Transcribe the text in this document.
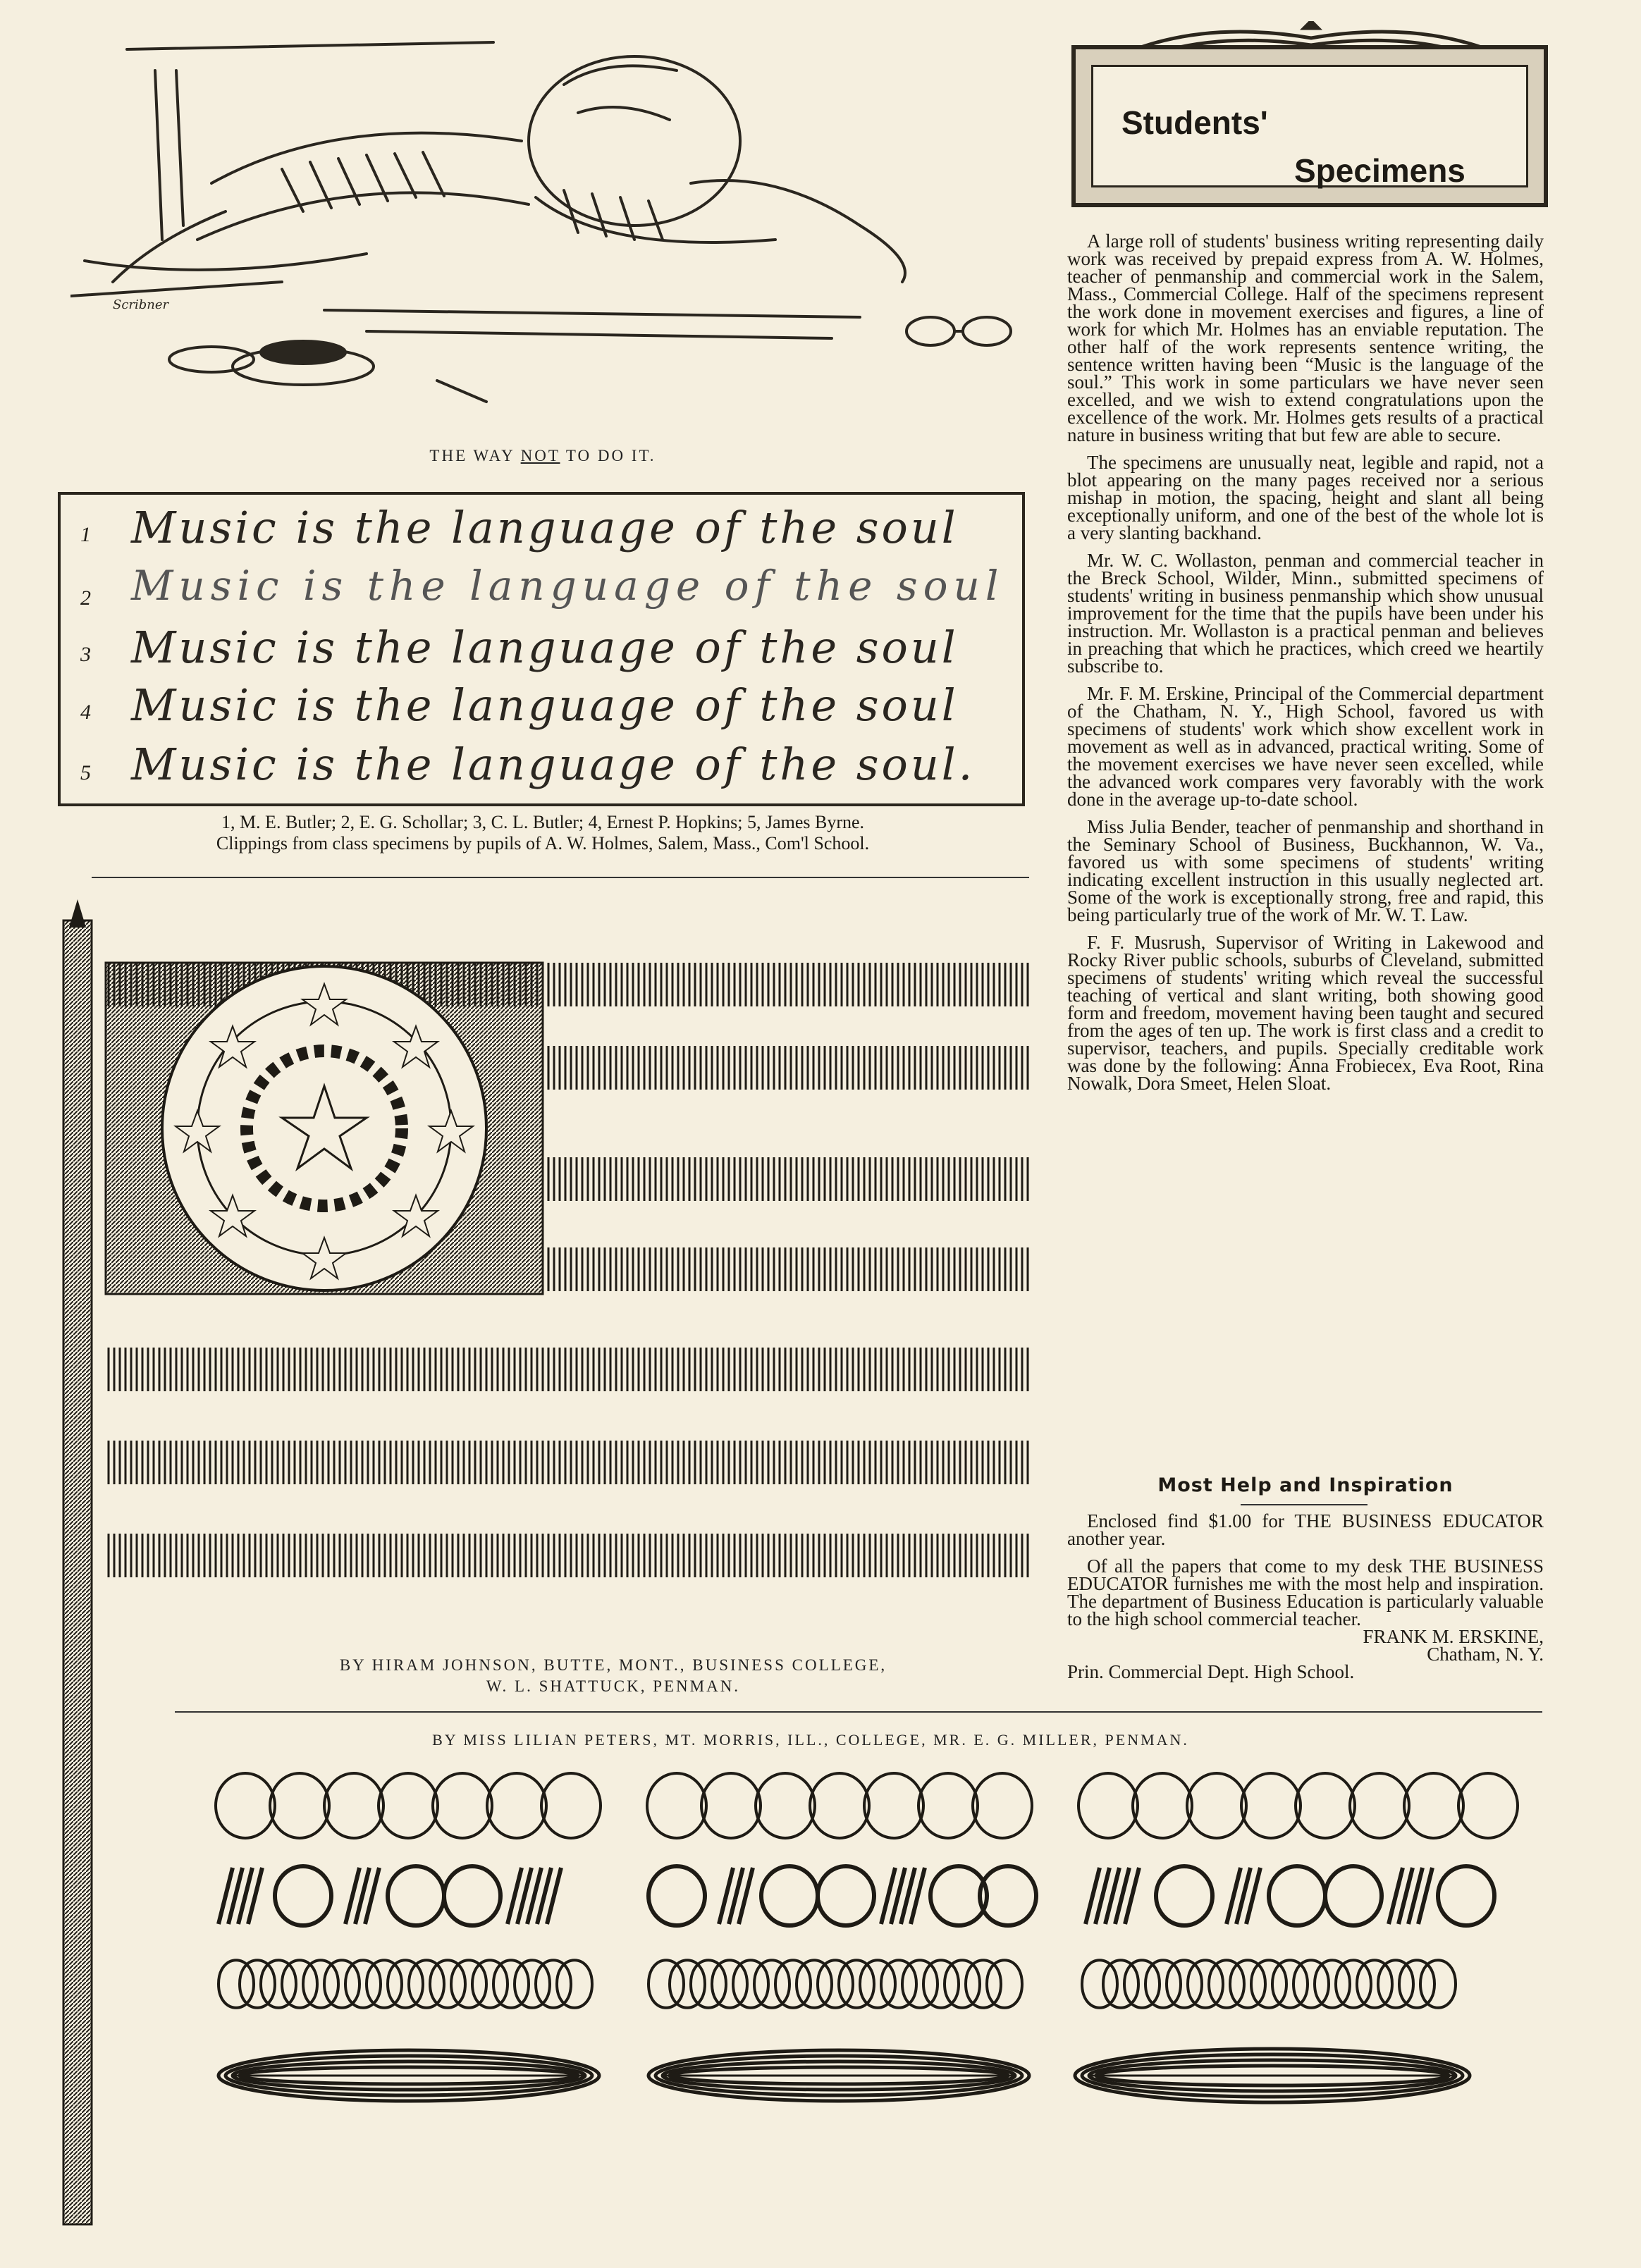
Scribner
THE WAY NOT TO DO IT.
Students'
Specimens
1 Music is the language of the soul
2 Music is the language of the soul
3 Music is the language of the soul
4 Music is the language of the soul
5 Music is the language of the soul.
1, M. E. Butler; 2, E. G. Schollar; 3, C. L. Butler; 4, Ernest P. Hopkins; 5, James Byrne.
Clippings from class specimens by pupils of A. W. Holmes, Salem, Mass., Com'l School.
BY HIRAM JOHNSON, BUTTE, MONT., BUSINESS COLLEGE,
W. L. SHATTUCK, PENMAN.

A large roll of students' business writing representing daily work was received by prepaid express from A. W. Holmes, teacher of penmanship and commercial work in the Salem, Mass., Commercial College. Half of the specimens represent the work done in movement exercises and figures, a line of work for which Mr. Holmes has an enviable reputation. The other half of the work represents sentence writing, the sentence written having been “Music is the language of the soul.” This work in some particulars we have never seen excelled, and we wish to extend congratulations upon the excellence of the work. Mr. Holmes gets results of a practical nature in business writing that but few are able to secure.

The specimens are unusually neat, legible and rapid, not a blot appearing on the many pages received nor a serious mishap in motion, the spacing, height and slant all being exceptionally uniform, and one of the best of the whole lot is a very slanting backhand.

Mr. W. C. Wollaston, penman and commercial teacher in the Breck School, Wilder, Minn., submitted specimens of students' writing in business penmanship which show unusual improvement for the time that the pupils have been under his instruction. Mr. Wollaston is a practical penman and believes in preaching that which he practices, which creed we heartily subscribe to.

Mr. F. M. Erskine, Principal of the Commercial department of the Chatham, N. Y., High School, favored us with specimens of students' work which show excellent work in movement as well as in advanced, practical writing. Some of the movement exercises we have never seen excelled, while the advanced work compares very favorably with the work done in the average up-to-date school.

Miss Julia Bender, teacher of penmanship and shorthand in the Seminary School of Business, Buckhannon, W. Va., favored us with some specimens of students' writing indicating excellent instruction in this usually neglected art. Some of the work is exceptionally strong, free and rapid, this being particularly true of the work of Mr. W. T. Law.

F. F. Musrush, Supervisor of Writing in Lakewood and Rocky River public schools, suburbs of Cleveland, submitted specimens of students' writing which reveal the successful teaching of vertical and slant writing, both showing good form and freedom, movement having been taught and secured from the ages of ten up. The work is first class and a credit to supervisor, teachers, and pupils. Specially creditable work was done by the following: Anna Frobiecex, Eva Root, Rina Nowalk, Dora Smeet, Helen Sloat.

Most Help and Inspiration

Enclosed find $1.00 for THE BUSINESS EDUCATOR another year.

Of all the papers that come to my desk THE BUSINESS EDUCATOR furnishes me with the most help and inspiration. The department of Business Education is particularly valuable to the high school commercial teacher.

FRANK M. ERSKINE,

Chatham, N. Y.

Prin. Commercial Dept. High School.

BY MISS LILIAN PETERS, MT. MORRIS, ILL., COLLEGE, MR. E. G. MILLER, PENMAN.
